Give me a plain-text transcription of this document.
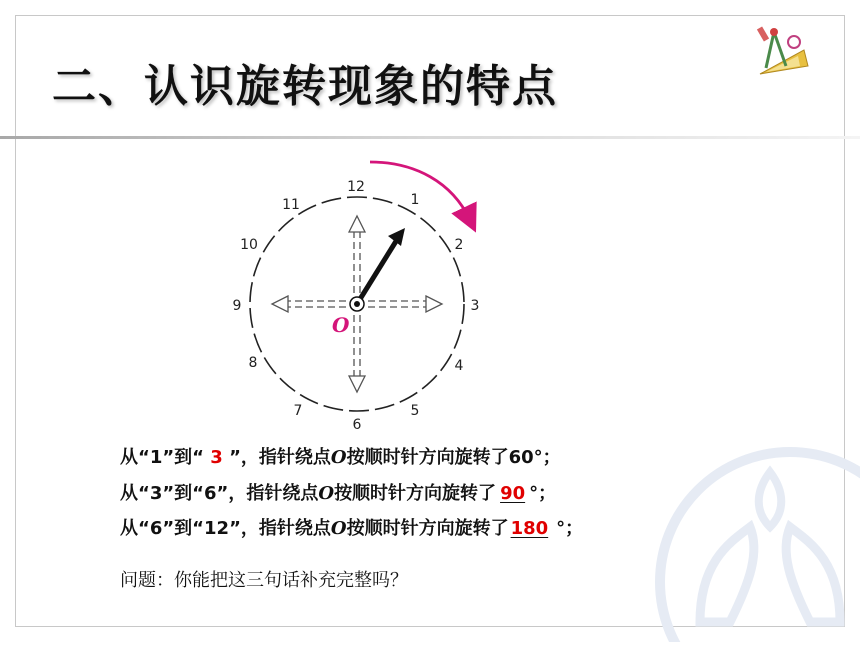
二、认识旋转现象的特点
12
1
2
3
4
5
6
7
8
9
10
11
O
从“1”到“ 3 ”，指针绕点O按顺时针方向旋转了60°；
从“3”到“6”，指针绕点O按顺时针方向旋转了 90 °；
从“6”到“12”，指针绕点O按顺时针方向旋转了 180 °；
问题：你能把这三句话补充完整吗？
